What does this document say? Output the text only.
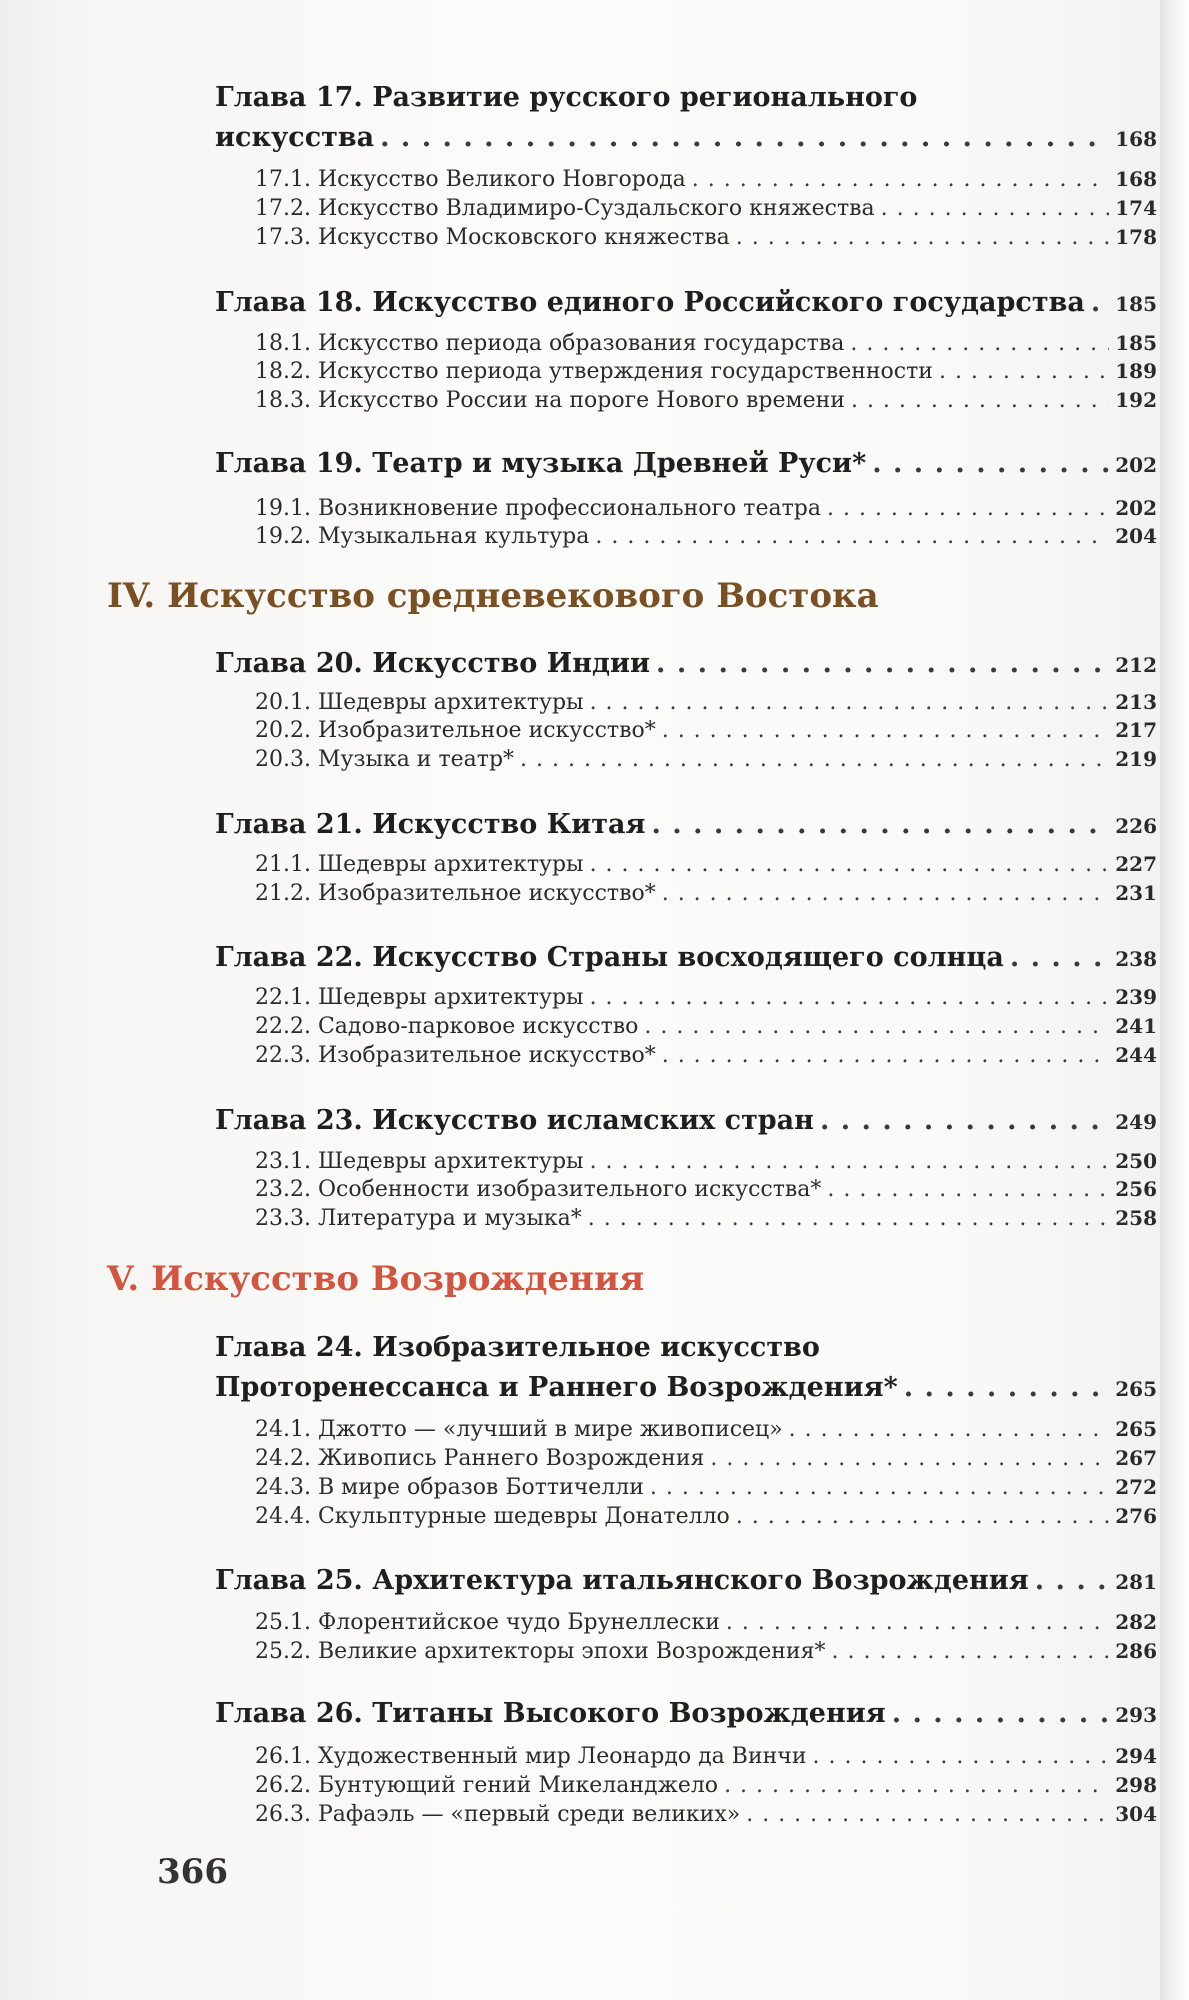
Глава 17. Развитие русского регионального
искусства . . .	168
17.1. Искусство Великого Новгорода . . .	168
17.2. Искусство Владимиро-Суздальского княжества . . .	174
17.3. Искусство Московского княжества . . .	178
Глава 18. Искусство единого Российского государства . . . 185
18.1. Искусство периода образования государства . . .	185
18.2. Искусство периода утверждения государственности . . .	189
18.3. Искусство России на пороге Нового времени . . .	192
Глава 19. Театр и музыка Древней Руси* . . .	202
19.1. Возникновение профессионального театра . . .	202
19.2. Музыкальная культура . . .	204
IV. Искусство средневекового Востока
Глава 20. Искусство Индии . . .	212
20.1. Шедевры архитектуры . . .	213
20.2. Изобразительное искусство* . . .	217
20.3. Музыка и театр* . . .	219
Глава 21. Искусство Китая . . .	226
21.1. Шедевры архитектуры . . .	227
21.2. Изобразительное искусство* . . .	231
Глава 22. Искусство Страны восходящего солнца . . .	238
22.1. Шедевры архитектуры . . .	239
22.2. Садово-парковое искусство . . .	241
22.3. Изобразительное искусство* . . .	244
Глава 23. Искусство исламских стран . . .	249
23.1. Шедевры архитектуры . . .	250
23.2. Особенности изобразительного искусства* . . .	256
23.3. Литература и музыка* . . .	258
V. Искусство Возрождения
Глава 24. Изобразительное искусство
Проторенессанса и Раннего Возрождения* . . .	265
24.1. Джотто — «лучший в мире живописец» . . .	265
24.2. Живопись Раннего Возрождения . . .	267
24.3. В мире образов Боттичелли . . .	272
24.4. Скульптурные шедевры Донателло . . .	276
Глава 25. Архитектура итальянского Возрождения . . .	281
25.1. Флорентийское чудо Брунеллески . . .	282
25.2. Великие архитекторы эпохи Возрождения* . . .	286
Глава 26. Титаны Высокого Возрождения . . .	293
26.1. Художественный мир Леонардо да Винчи . . .	294
26.2. Бунтующий гений Микеланджело . . .	298
26.3. Рафаэль — «первый среди великих» . . .	304
366
